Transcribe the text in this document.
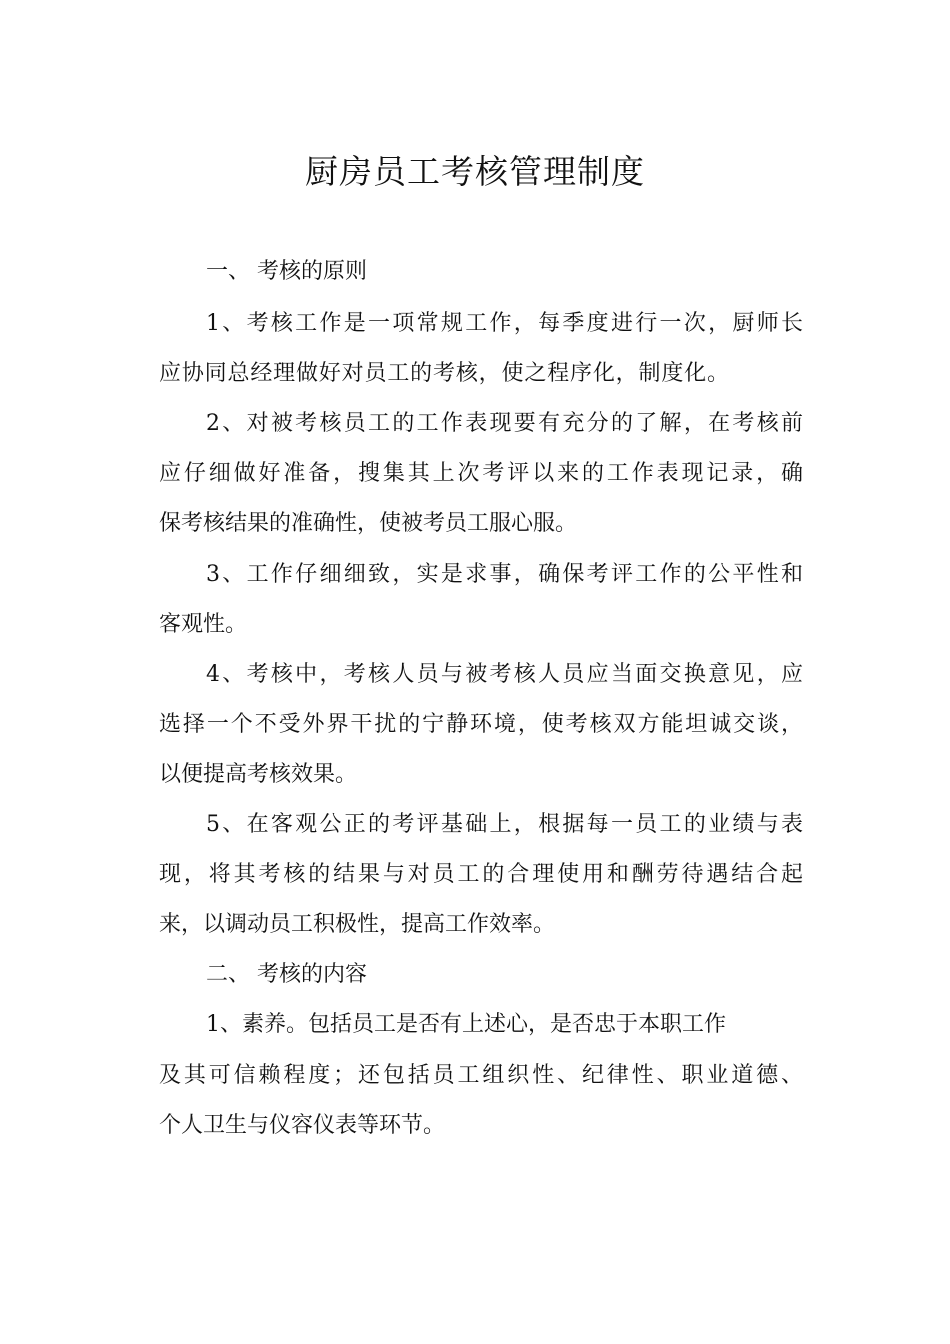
厨房员工考核管理制度

一、 考核的原则

1、考核工作是一项常规工作，每季度进行一次，厨师长

应协同总经理做好对员工的考核，使之程序化，制度化。

2、对被考核员工的工作表现要有充分的了解，在考核前

应仔细做好准备，搜集其上次考评以来的工作表现记录，确

保考核结果的准确性，使被考员工服心服。

3、工作仔细细致，实是求事，确保考评工作的公平性和

客观性。

4、考核中，考核人员与被考核人员应当面交换意见，应

选择一个不受外界干扰的宁静环境，使考核双方能坦诚交谈，

以便提高考核效果。

5、在客观公正的考评基础上，根据每一员工的业绩与表

现，将其考核的结果与对员工的合理使用和酬劳待遇结合起

来，以调动员工积极性，提高工作效率。

二、 考核的内容

1、素养。包括员工是否有上述心，是否忠于本职工作

及其可信赖程度；还包括员工组织性、纪律性、职业道德、

个人卫生与仪容仪表等环节。
